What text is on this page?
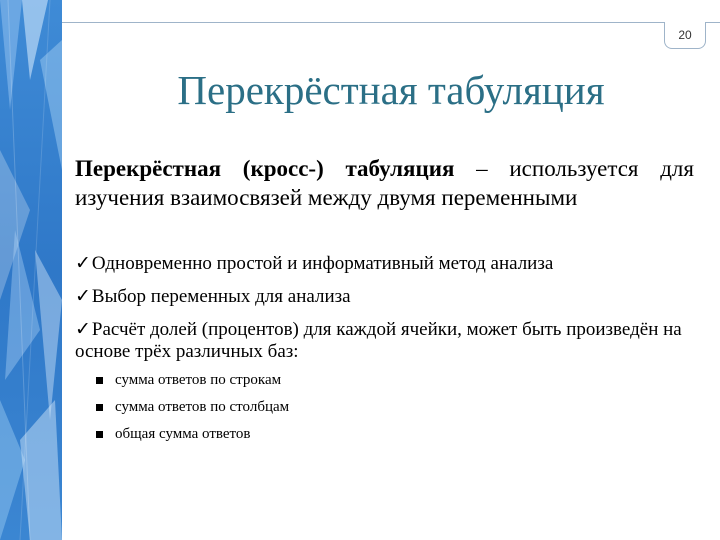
20
Перекрёстная табуляция
Перекрёстная (кросс-) табуляция – используется для изучения взаимосвязей между двумя переменными
✓Одновременно простой и информативный метод анализа
✓Выбор переменных для анализа
✓Расчёт долей (процентов) для каждой ячейки, может быть произведён на основе трёх различных баз:
сумма ответов по строкам
сумма ответов по столбцам
общая сумма ответов
